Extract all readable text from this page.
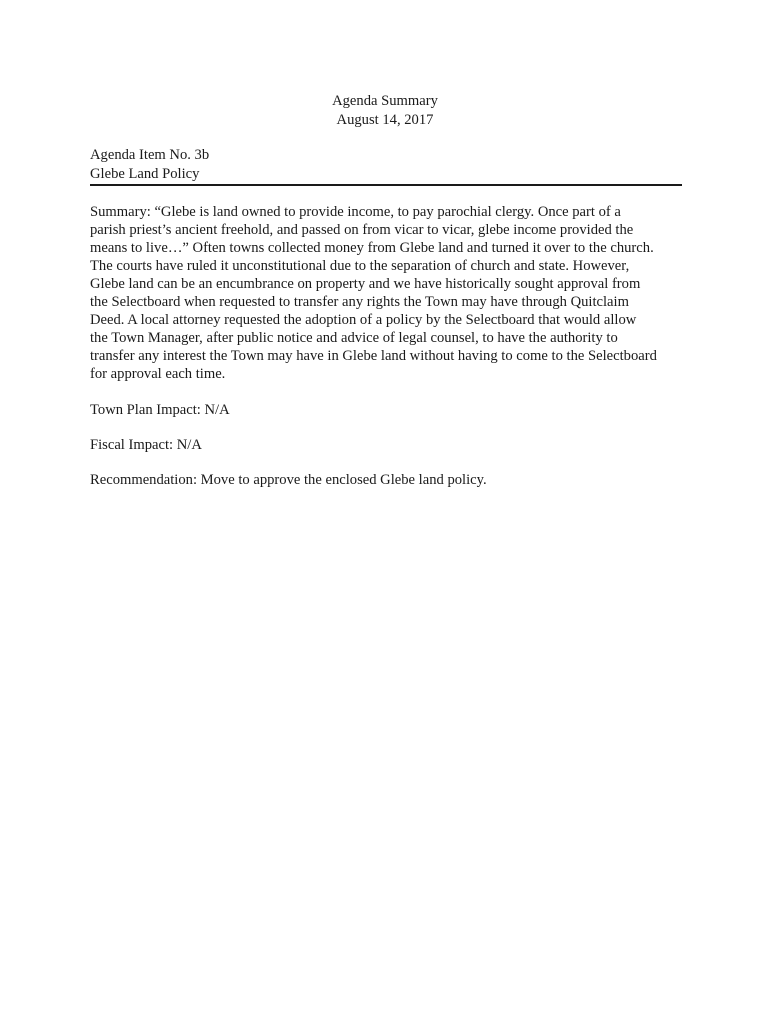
Agenda Summary
August 14, 2017
Agenda Item No. 3b
Glebe Land Policy
Summary: “Glebe is land owned to provide income, to pay parochial clergy. Once part of a
parish priest’s ancient freehold, and passed on from vicar to vicar, glebe income provided the
means to live…” Often towns collected money from Glebe land and turned it over to the church.
The courts have ruled it unconstitutional due to the separation of church and state. However,
Glebe land can be an encumbrance on property and we have historically sought approval from
the Selectboard when requested to transfer any rights the Town may have through Quitclaim
Deed. A local attorney requested the adoption of a policy by the Selectboard that would allow
the Town Manager, after public notice and advice of legal counsel, to have the authority to
transfer any interest the Town may have in Glebe land without having to come to the Selectboard
for approval each time.
Town Plan Impact: N/A
Fiscal Impact: N/A
Recommendation: Move to approve the enclosed Glebe land policy.
